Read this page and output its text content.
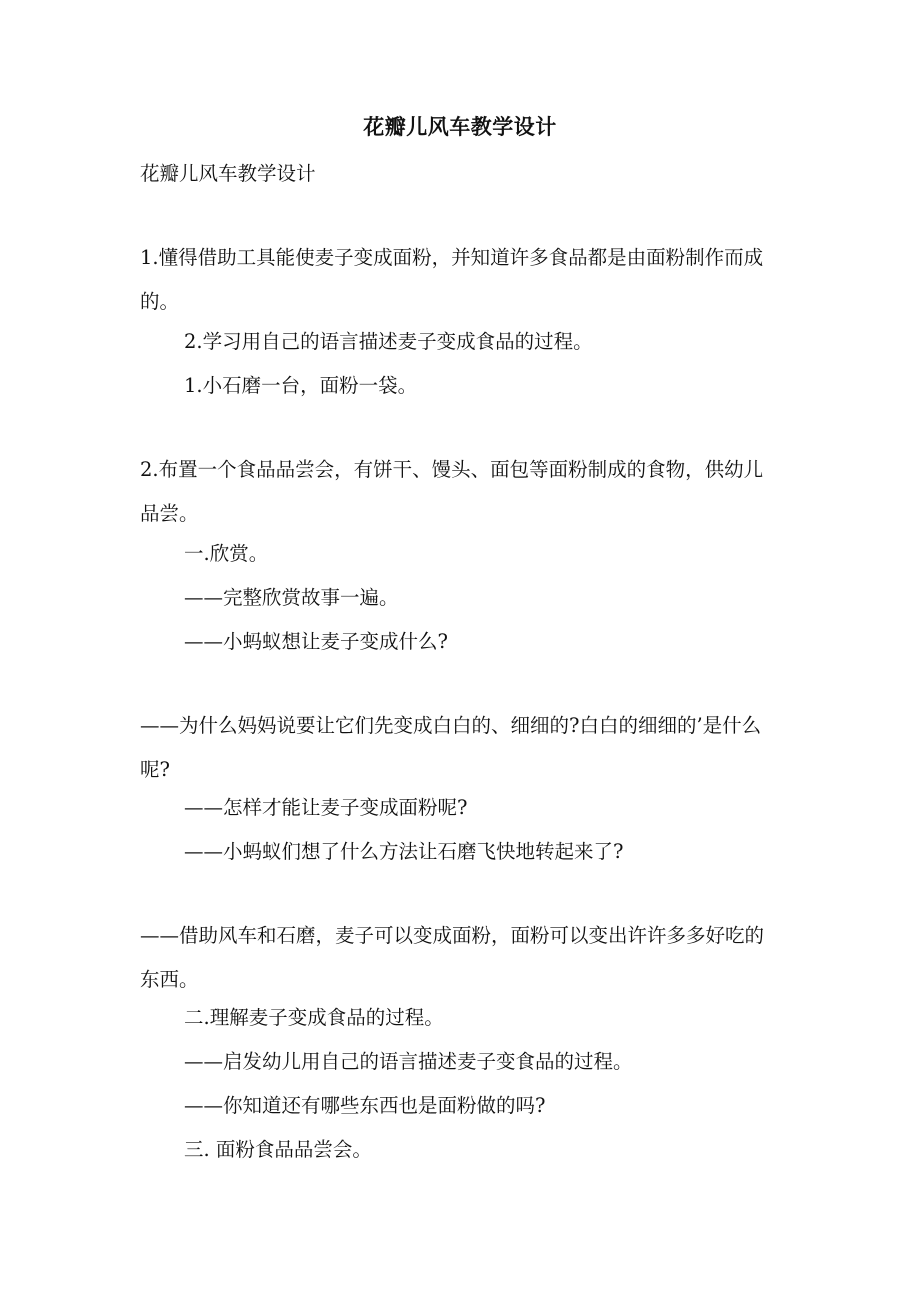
花瓣儿风车教学设计
花瓣儿风车教学设计
1.懂得借助工具能使麦子变成面粉，并知道许多食品都是由面粉制作而成的。
2.学习用自己的语言描述麦子变成食品的过程。
1.小石磨一台，面粉一袋。
2.布置一个食品品尝会，有饼干、馒头、面包等面粉制成的食物，供幼儿品尝。
一.欣赏。
——完整欣赏故事一遍。
——小蚂蚁想让麦子变成什么?
——为什么妈妈说要让它们先变成白白的、细细的?白白的细细的’是什么呢?
——怎样才能让麦子变成面粉呢?
——小蚂蚁们想了什么方法让石磨飞快地转起来了?
——借助风车和石磨，麦子可以变成面粉，面粉可以变出许许多多好吃的东西。
二.理解麦子变成食品的过程。
——启发幼儿用自己的语言描述麦子变食品的过程。
——你知道还有哪些东西也是面粉做的吗?
三. 面粉食品品尝会。
